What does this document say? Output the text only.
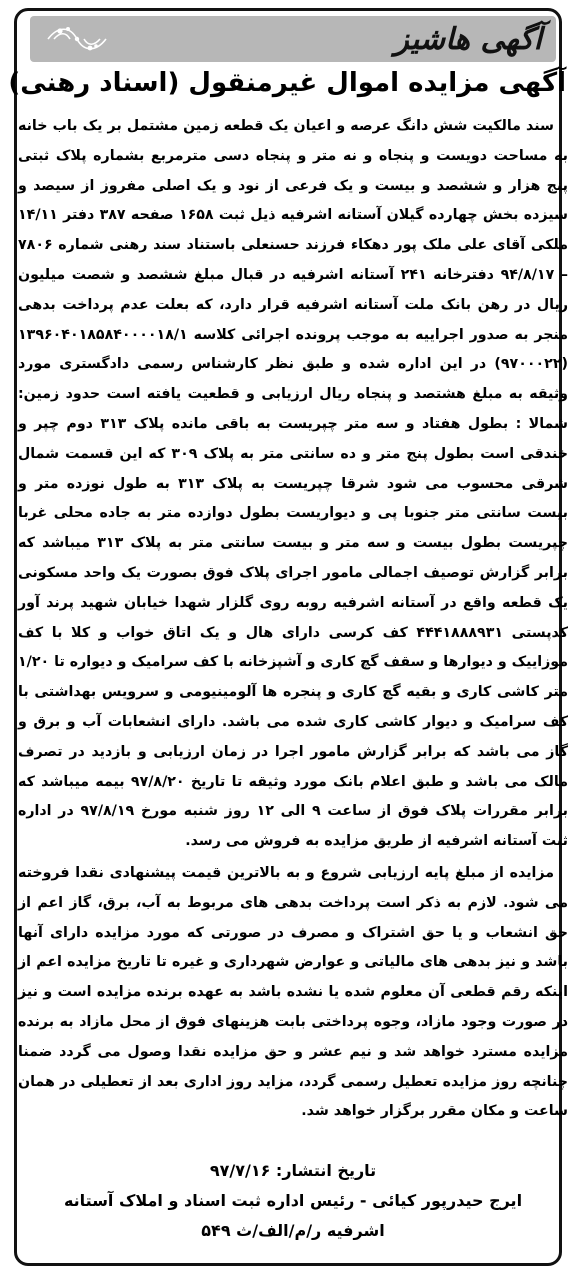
آگهی هاشیز
آگهی مزایده اموال غیرمنقول (اسناد رهنی)

سند مالکیت شش دانگ عرصه و اعیان یک قطعه زمین مشتمل بر یک باب خانه به مساحت دویست و پنجاه و نه متر و پنجاه دسی مترمربع بشماره پلاک ثبتی پنج هزار و ششصد و بیست و یک فرعی از نود و یک اصلی مفروز از سیصد و سیزده بخش چهارده گیلان آستانه اشرفیه ذیل ثبت ۱۶۵۸ صفحه ۳۸۷ دفتر ۱۴/۱۱ ملکی آقای علی ملک پور دهکاء فرزند حسنعلی باستناد سند رهنی شماره ۷۸۰۶ – ۹۴/۸/۱۷ دفترخانه ۲۴۱ آستانه اشرفیه در قبال مبلغ ششصد و شصت میلیون ریال در رهن بانک ملت آستانه اشرفیه قرار دارد، که بعلت عدم پرداخت بدهی منجر به صدور اجراییه به موجب پرونده اجرائی کلاسه ۱۳۹۶۰۴۰۱۸۵۸۴۰۰۰۰۱۸/۱ (۹۷۰۰۰۲۲) در این اداره شده و طبق نظر کارشناس رسمی دادگستری مورد وثیقه به مبلغ هشتصد و پنجاه ریال ارزیابی و قطعیت یافته است حدود زمین: شمالا : بطول هفتاد و سه متر چپریست به باقی مانده پلاک ۳۱۳ دوم چپر و خندقی است بطول پنج متر و ده سانتی متر به پلاک ۳۰۹ که این قسمت شمال شرقی محسوب می شود شرقا چپریست به پلاک ۳۱۳ به طول نوزده متر و بیست سانتی متر جنوبا پی و دیواریست بطول دوازده متر به جاده محلی غربا چپریست بطول بیست و سه متر و بیست سانتی متر به پلاک ۳۱۳ میباشد که برابر گزارش توصیف اجمالی مامور اجرای پلاک فوق بصورت یک واحد مسکونی یک قطعه واقع در آستانه اشرفیه روبه روی گلزار شهدا خیابان شهید پرند آور کدپستی ۴۴۴۱۸۸۸۹۳۱ کف کرسی دارای هال و یک اتاق خواب و کلا با کف موزاییک و دیوارها و سقف گچ کاری و آشپزخانه با کف سرامیک و دیواره تا ۱/۲۰ متر کاشی کاری و بقیه گچ کاری و پنجره ها آلومینیومی و سرویس بهداشتی با کف سرامیک و دیوار کاشی کاری شده می باشد. دارای انشعابات آب و برق و گاز می باشد که برابر گزارش مامور اجرا در زمان ارزیابی و بازدید در تصرف مالک می باشد و طبق اعلام بانک مورد وثیقه تا تاریخ ۹۷/۸/۲۰ بیمه میباشد که برابر مقررات پلاک فوق از ساعت ۹ الی ۱۲ روز شنبه مورخ ۹۷/۸/۱۹ در اداره ثبت آستانه اشرفیه از طریق مزایده به فروش می رسد.

مزایده از مبلغ پایه ارزیابی شروع و به بالاترین قیمت پیشنهادی نقدا فروخته می شود. لازم به ذکر است پرداخت بدهی های مربوط به آب، برق، گاز اعم از حق انشعاب و یا حق اشتراک و مصرف در صورتی که مورد مزایده دارای آنها باشد و نیز بدهی های مالیاتی و عوارض شهرداری و غیره تا تاریخ مزایده اعم از اینکه رقم قطعی آن معلوم شده یا نشده باشد به عهده برنده مزایده است و نیز در صورت وجود مازاد، وجوه پرداختی بابت هزینهای فوق از محل مازاد به برنده مزایده مسترد خواهد شد و نیم عشر و حق مزایده نقدا وصول می گردد ضمنا چنانچه روز مزایده تعطیل رسمی گردد، مزاید روز اداری بعد از تعطیلی در همان ساعت و مکان مقرر برگزار خواهد شد.

تاریخ انتشار: ۹۷/۷/۱۶
ایرج حیدرپور کیائی - رئیس اداره ثبت اسناد و املاک آستانه
اشرفیه ر/م/الف/ث ۵۴۹
